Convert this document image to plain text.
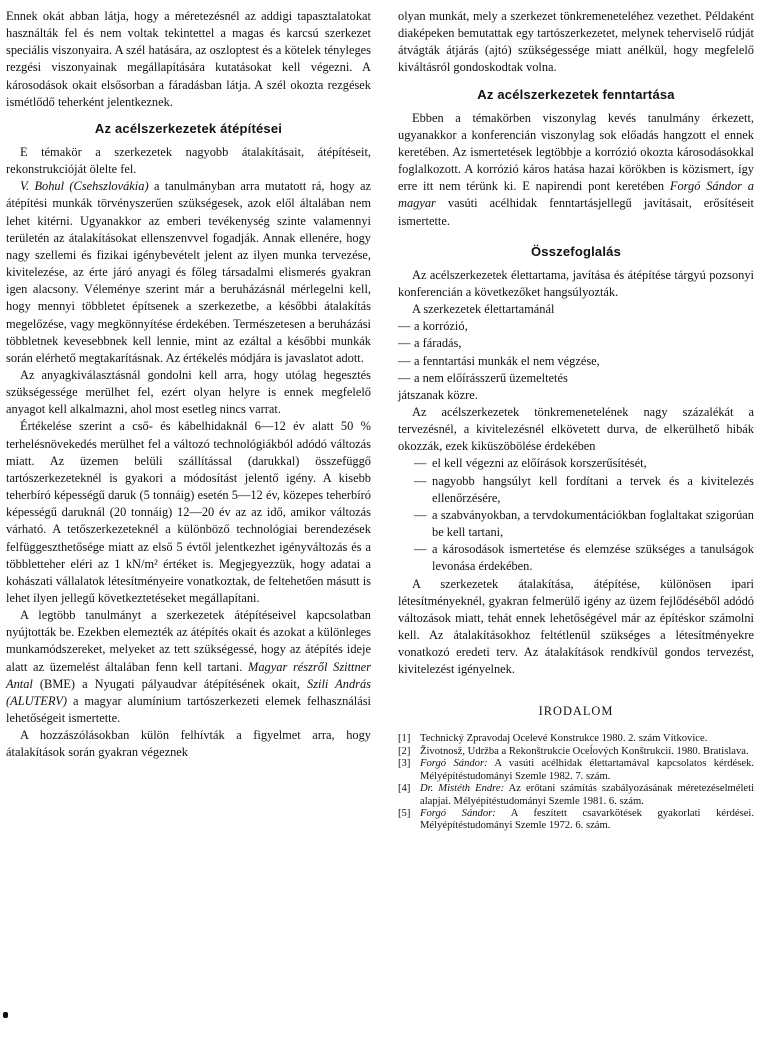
Ennek okát abban látja, hogy a méretezésnél az addigi tapasztalatokat használták fel és nem voltak tekintettel a magas és karcsú szerkezet speciális viszonyaira. A szél hatására, az oszloptest és a kötelek tényleges rezgési viszonyainak megállapítására kutatásokat kell végezni. A károsodások okait elsősorban a fáradásban látja. A szél okozta rezgések ismétlődő teherként jelentkeznek.

Az acélszerkezetek átépítései

E témakör a szerkezetek nagyobb átalakításait, átépítéseit, rekonstrukcióját ölelte fel.

V. Bohul (Csehszlovákia) a tanulmányban arra mutatott rá, hogy az átépítési munkák törvényszerűen szükségesek, azok elől általában nem lehet kitérni. Ugyanakkor az emberi tevékenység szinte valamennyi területén az átalakításokat ellenszenvvel fogadják. Annak ellenére, hogy nagy szellemi és fizikai igénybevételt jelent az ilyen munka tervezése, kivitelezése, az érte járó anyagi és főleg társadalmi elismerés gyakran igen alacsony. Véleménye szerint már a beruházásnál mérlegelni kell, hogy mennyi többletet építsenek a szerkezetbe, a későbbi átalakítás megelőzése, vagy megkönnyítése érdekében. Természetesen a beruházási többletnek kevesebbnek kell lennie, mint az ezáltal a későbbi munkák során elérhető megtakarításnak. Az értékelés módjára is javaslatot adott.

Az anyagkiválasztásnál gondolni kell arra, hogy utólag hegesztés szükségessége merülhet fel, ezért olyan helyre is ennek megfelelő anyagot kell alkalmazni, ahol most esetleg nincs varrat.

Értékelése szerint a cső- és kábelhidaknál 6—12 év alatt 50 % terhelésnövekedés merülhet fel a változó technológiákból adódó változás miatt. Az üzemen belüli szállítással (darukkal) összefüggő tartószerkezeteknél is gyakori a módosítást jelentő igény. A kisebb teherbíró képességű daruk (5 tonnáig) esetén 5—12 év, közepes teherbíró képességű daruknál (20 tonnáig) 12—20 év az az idő, amikor változás várható. A tetőszerkezeteknél a különböző technológiai berendezések felfüggeszthetősége miatt az első 5 évtől jelentkezhet igényváltozás és a többletteher eléri az 1 kN/m² értéket is. Megjegyezzük, hogy adatai a kohászati vállalatok létesítményeire vonatkoztak, de feltehetően másutt is lehet ilyen jellegű következtetéseket megállapítani.

A legtöbb tanulmányt a szerkezetek átépítéseivel kapcsolatban nyújtották be. Ezekben elemezték az átépítés okait és azokat a különleges munkamódszereket, melyeket az tett szükségessé, hogy az átépítés ideje alatt az üzemelést általában fenn kell tartani. Magyar részről Szittner Antal (BME) a Nyugati pályaudvar átépítésének okait, Szili András (ALUTERV) a magyar alumínium tartószerkezeti elemek felhasználási lehetőségeit ismertette.

A hozzászólásokban külön felhívták a figyelmet arra, hogy átalakítások során gyakran végeznek

olyan munkát, mely a szerkezet tönkremeneteléhez vezethet. Példaként diaképeken bemutattak egy tartószerkezetet, melynek teherviselő rúdját átvágták átjárás (ajtó) szükségessége miatt anélkül, hogy megfelelő kiváltásról gondoskodtak volna.

Az acélszerkezetek fenntartása

Ebben a témakörben viszonylag kevés tanulmány érkezett, ugyanakkor a konferencián viszonylag sok előadás hangzott el ennek keretében. Az ismertetések legtöbbje a korrózió okozta károsodásokkal foglalkozott. A korrózió káros hatása hazai körökben is közismert, így erre itt nem térünk ki. E napirendi pont keretében Forgó Sándor a magyar vasúti acélhidak fenntartásjellegű javításait, erősítéseit ismertette.

Összefoglalás

Az acélszerkezetek élettartama, javítása és átépítése tárgyú pozsonyi konferencián a következőket hangsúlyozták.

A szerkezetek élettartamánál

— a korrózió,
— a fáradás,
— a fenntartási munkák el nem végzése,
— a nem előírásszerű üzemeltetés

játszanak közre.

Az acélszerkezetek tönkremenetelének nagy százalékát a tervezésnél, a kivitelezésnél elkövetett durva, de elkerülhető hibák okozzák, ezek kiküszöbölése érdekében

— el kell végezni az előírások korszerűsítését,
— nagyobb hangsúlyt kell fordítani a tervek és a kivitelezés ellenőrzésére,
— a szabványokban, a tervdokumentációkban foglaltakat szigorúan be kell tartani,
— a károsodások ismertetése és elemzése szükséges a tanulságok levonása érdekében.

A szerkezetek átalakítása, átépítése, különösen ipari létesítményeknél, gyakran felmerülő igény az üzem fejlődéséből adódó változások miatt, tehát ennek lehetőségével már az építéskor számolni kell. Az átalakításokhoz feltétlenül szükséges a létesítményekre vonatkozó eredeti terv. Az átalakítások rendkívül gondos tervezést, kivitelezést igényelnek.

IRODALOM
[1] Technický Zpravodaj Ocelevé Konstrukce 1980. 2. szám Vítkovice.
[2] Životnosž, Udržba a Rekonštrukcie Oceĺových Konštrukcií. 1980. Bratislava.
[3] Forgó Sándor: A vasúti acélhidak élettartamával kapcsolatos kérdések. Mélyépítéstudományi Szemle 1982. 7. szám.
[4] Dr. Mistéth Endre: Az erőtani számítás szabályozásának méretezéselméleti alapjai. Mélyépítéstudományi Szemle 1981. 6. szám.
[5] Forgó Sándor: A feszített csavarkötések gyakorlati kérdései. Mélyépítéstudományi Szemle 1972. 6. szám.
